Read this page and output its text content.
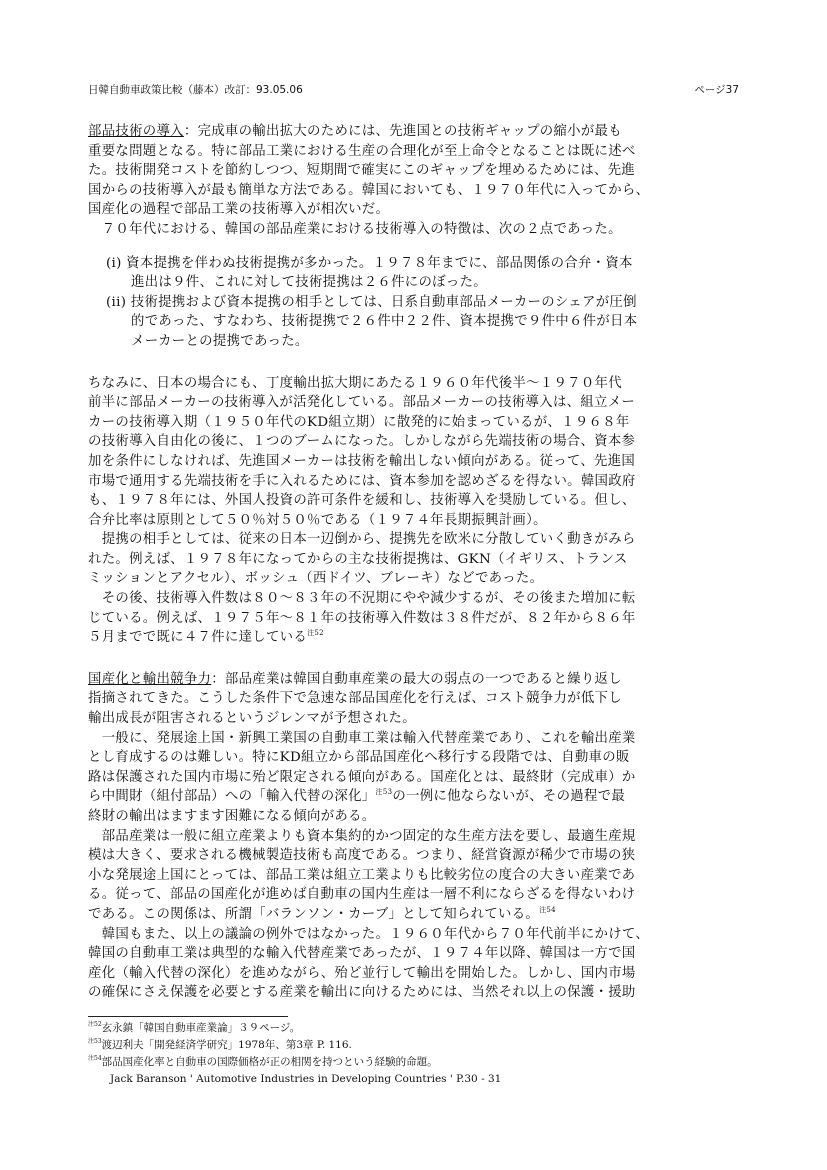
日韓自動車政策比較（藤本）改訂：93.05.06	ページ37
部品技術の導入：完成車の輸出拡大のためには、先進国との技術ギャップの縮小が最も
重要な問題となる。特に部品工業における生産の合理化が至上命令となることは既に述べ
た。技術開発コストを節約しつつ、短期間で確実にこのギャップを埋めるためには、先進
国からの技術導入が最も簡単な方法である。韓国においても、１９７０年代に入ってから、
国産化の過程で部品工業の技術導入が相次いだ。
　７０年代における、韓国の部品産業における技術導入の特徴は、次の２点であった。
(i) 資本提携を伴わぬ技術提携が多かった。１９７８年までに、部品関係の合弁・資本
進出は９件、これに対して技術提携は２６件にのぼった。
(ii) 技術提携および資本提携の相手としては、日系自動車部品メーカーのシェアが圧倒
的であった、すなわち、技術提携で２６件中２２件、資本提携で９件中６件が日本
メーカーとの提携であった。
ちなみに、日本の場合にも、丁度輸出拡大期にあたる１９６０年代後半～１９７０年代
前半に部品メーカーの技術導入が活発化している。部品メーカーの技術導入は、組立メー
カーの技術導入期（１９５０年代のKD組立期）に散発的に始まっているが、１９６８年
の技術導入自由化の後に、１つのブームになった。しかしながら先端技術の場合、資本参
加を条件にしなければ、先進国メーカーは技術を輸出しない傾向がある。従って、先進国
市場で通用する先端技術を手に入れるためには、資本参加を認めざるを得ない。韓国政府
も、１９７８年には、外国人投資の許可条件を緩和し、技術導入を奨励している。但し、
合弁比率は原則として５０％対５０％である（１９７４年長期振興計画）。
　提携の相手としては、従来の日本一辺倒から、提携先を欧米に分散していく動きがみら
れた。例えば、１９７８年になってからの主な技術提携は、GKN（イギリス、トランス
ミッションとアクセル）、ボッシュ（西ドイツ、ブレーキ）などであった。
　その後、技術導入件数は８０～８３年の不況期にやや減少するが、その後また増加に転
じている。例えば、１９７５年～８１年の技術導入件数は３８件だが、８２年から８６年
５月までで既に４７件に達している$^{注52}$
国産化と輸出競争力：部品産業は韓国自動車産業の最大の弱点の一つであると繰り返し
指摘されてきた。こうした条件下で急速な部品国産化を行えば、コスト競争力が低下し
輸出成長が阻害されるというジレンマが予想された。
　一般に、発展途上国・新興工業国の自動車工業は輸入代替産業であり、これを輸出産業
とし育成するのは難しい。特にKD組立から部品国産化へ移行する段階では、自動車の販
路は保護された国内市場に殆ど限定される傾向がある。国産化とは、最終財（完成車）か
ら中間財（組付部品）への「輸入代替の深化」$^{注53}$の一例に他ならないが、その過程で最
終財の輸出はますます困難になる傾向がある。
　部品産業は一般に組立産業よりも資本集約的かつ固定的な生産方法を要し、最適生産規
模は大きく、要求される機械製造技術も高度である。つまり、経営資源が稀少で市場の狭
小な発展途上国にとっては、部品工業は組立工業よりも比較劣位の度合の大きい産業であ
る。従って、部品の国産化が進めば自動車の国内生産は一層不利にならざるを得ないわけ
である。この関係は、所謂「バランソン・カーブ」として知られている。$^{注54}$
　韓国もまた、以上の議論の例外ではなかった。１９６０年代から７０年代前半にかけて、
韓国の自動車工業は典型的な輸入代替産業であったが、１９７４年以降、韓国は一方で国
産化（輸入代替の深化）を進めながら、殆ど並行して輸出を開始した。しかし、国内市場
の確保にさえ保護を必要とする産業を輸出に向けるためには、当然それ以上の保護・援助
$^{注52}$玄永鎮「韓国自動車産業論」３９ページ。
$^{注53}$渡辺利夫「開発経済学研究」1978年、第3章 P. 116.
$^{注54}$部品国産化率と自動車の国際価格が正の相関を持つという経験的命題。
Jack Baranson ' Automotive Industries in Developing Countries ' P.30 - 31
